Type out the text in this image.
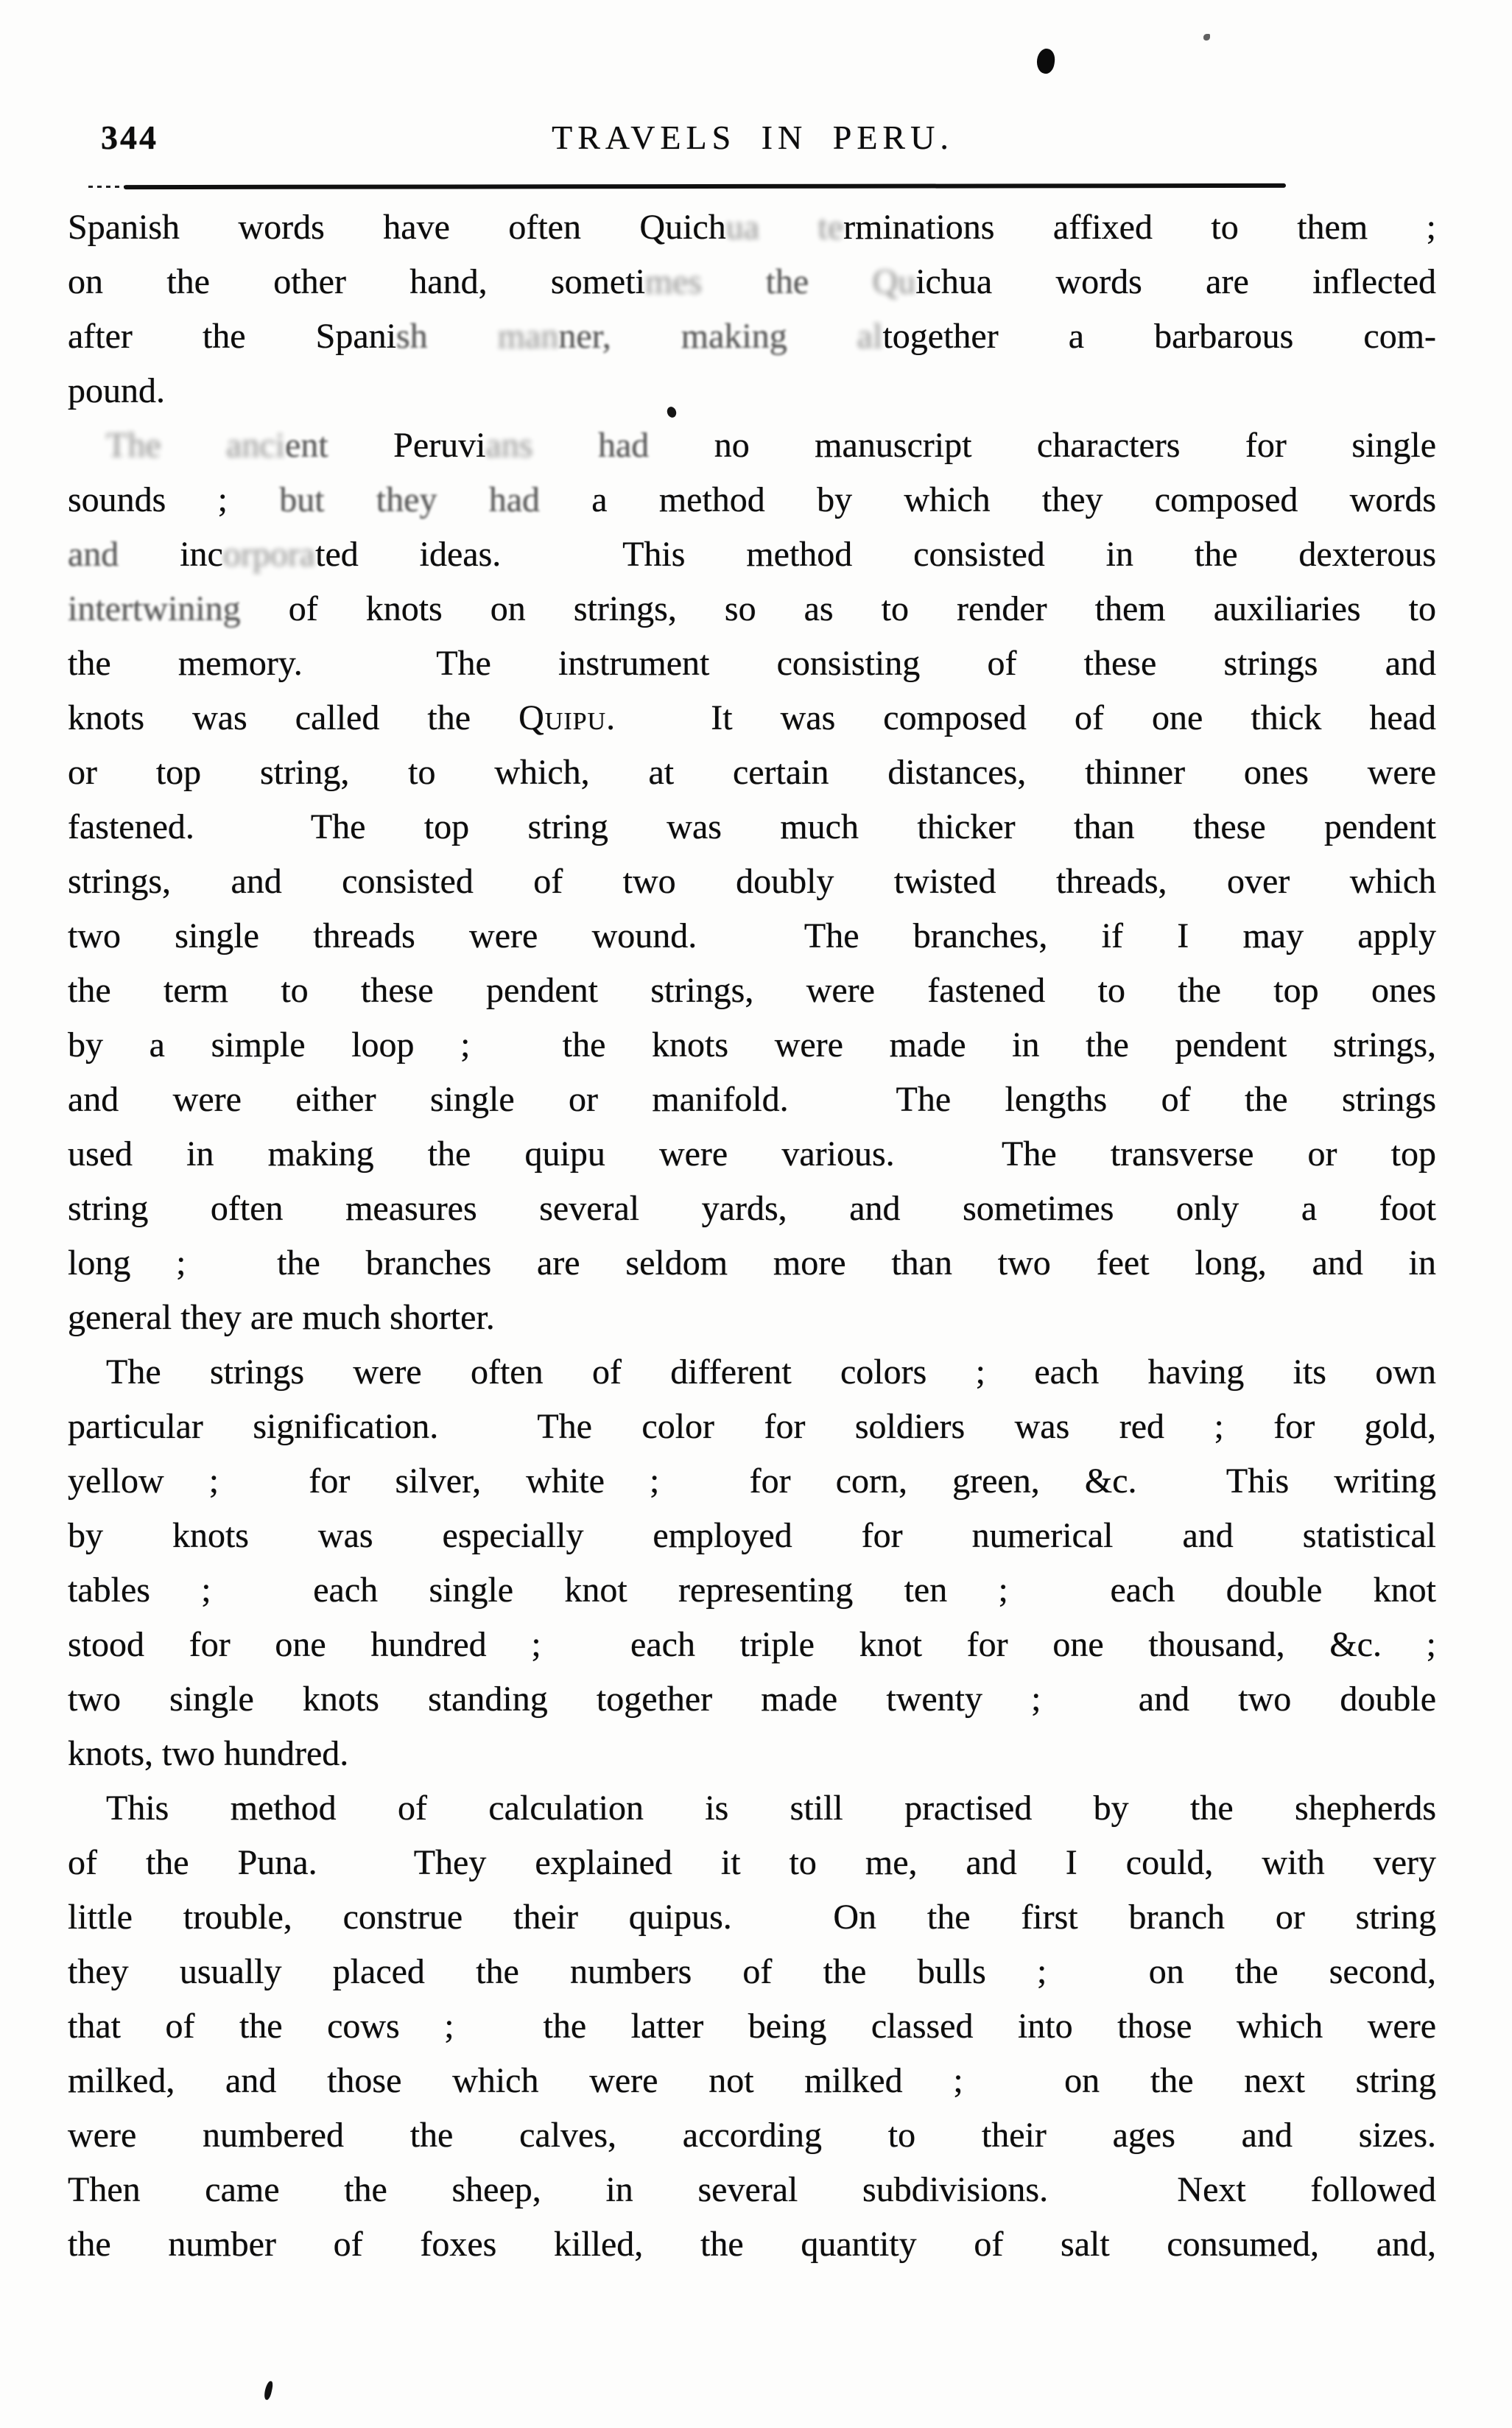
344	TRAVELS IN PERU.
Spanish words have often Quichua terminations affixed to them ;
on the other hand, sometimes the Quichua words are inflected
after the Spanish manner, making altogether a barbarous com-
pound.
The ancient Peruvians had no manuscript characters for single
sounds ; but they had a method by which they composed words
and incorporated ideas.  This method consisted in the dexterous
intertwining of knots on strings, so as to render them auxiliaries to
the memory.  The instrument consisting of these strings and
knots was called the Quipu.  It was composed of one thick head
or top string, to which, at certain distances, thinner ones were
fastened.  The top string was much thicker than these pendent
strings, and consisted of two doubly twisted threads, over which
two single threads were wound.  The branches, if I may apply
the term to these pendent strings, were fastened to the top ones
by a simple loop ;  the knots were made in the pendent strings,
and were either single or manifold.  The lengths of the strings
used in making the quipu were various.  The transverse or top
string often measures several yards, and sometimes only a foot
long ;  the branches are seldom more than two feet long, and in
general they are much shorter.
The strings were often of different colors ; each having its own
particular signification.  The color for soldiers was red ; for gold,
yellow ;  for silver, white ;  for corn, green, &c.  This writing
by knots was especially employed for numerical and statistical
tables ;  each single knot representing ten ;  each double knot
stood for one hundred ;  each triple knot for one thousand, &c. ;
two single knots standing together made twenty ;  and two double
knots, two hundred.
This method of calculation is still practised by the shepherds
of the Puna.  They explained it to me, and I could, with very
little trouble, construe their quipus.  On the first branch or string
they usually placed the numbers of the bulls ;  on the second,
that of the cows ;  the latter being classed into those which were
milked, and those which were not milked ;  on the next string
were numbered the calves, according to their ages and sizes.
Then came the sheep, in several subdivisions.  Next followed
the number of foxes killed, the quantity of salt consumed, and,
